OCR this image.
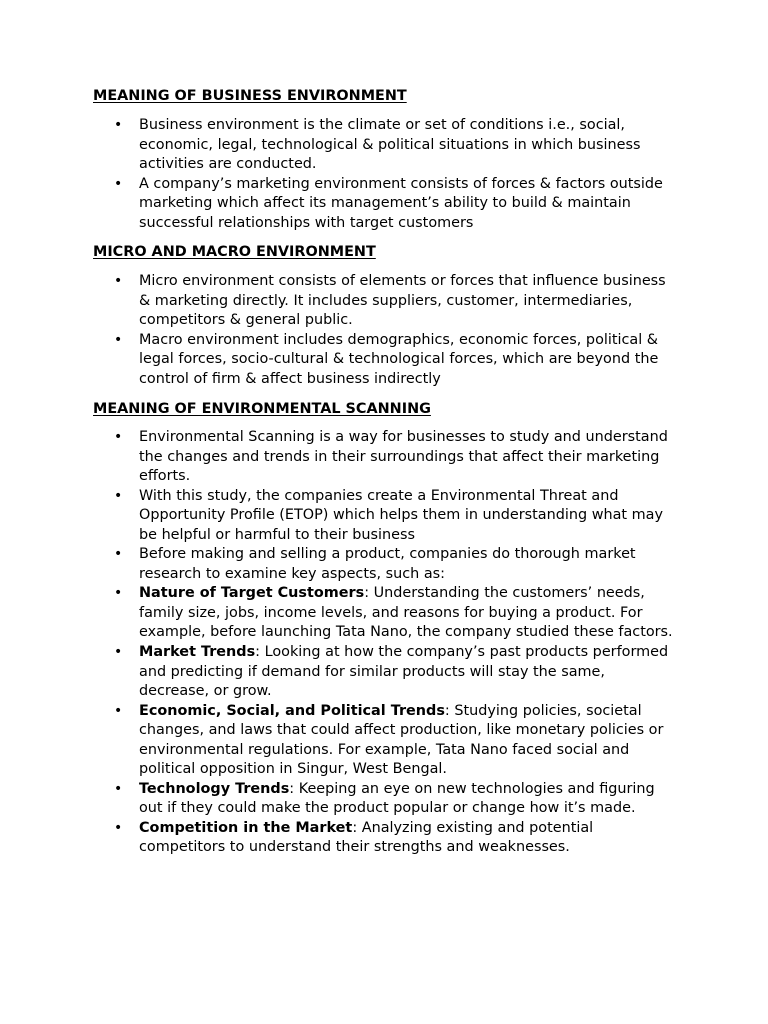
MEANING OF BUSINESS ENVIRONMENT
• Business environment is the climate or set of conditions i.e., social, economic, legal, technological & political situations in which business activities are conducted.
• A company’s marketing environment consists of forces & factors outside marketing which affect its management’s ability to build & maintain successful relationships with target customers
MICRO AND MACRO ENVIRONMENT
• Micro environment consists of elements or forces that influence business & marketing directly. It includes suppliers, customer, intermediaries, competitors & general public.
• Macro environment includes demographics, economic forces, political & legal forces, socio-cultural & technological forces, which are beyond the control of firm & affect business indirectly
MEANING OF ENVIRONMENTAL SCANNING
• Environmental Scanning is a way for businesses to study and understand the changes and trends in their surroundings that affect their marketing efforts.
• With this study, the companies create a Environmental Threat and Opportunity Profile (ETOP) which helps them in understanding what may be helpful or harmful to their business
• Before making and selling a product, companies do thorough market research to examine key aspects, such as:
• Nature of Target Customers: Understanding the customers’ needs, family size, jobs, income levels, and reasons for buying a product. For example, before launching Tata Nano, the company studied these factors.
• Market Trends: Looking at how the company’s past products performed and predicting if demand for similar products will stay the same, decrease, or grow.
• Economic, Social, and Political Trends: Studying policies, societal changes, and laws that could affect production, like monetary policies or environmental regulations. For example, Tata Nano faced social and political opposition in Singur, West Bengal.
• Technology Trends: Keeping an eye on new technologies and figuring out if they could make the product popular or change how it’s made.
• Competition in the Market: Analyzing existing and potential competitors to understand their strengths and weaknesses.
